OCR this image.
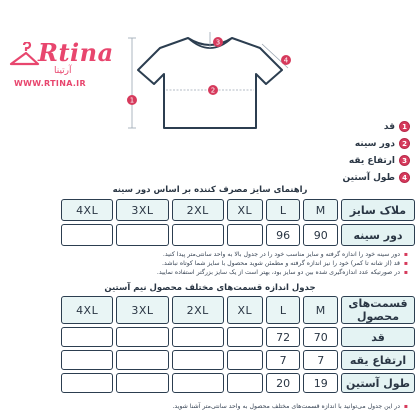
Rtina
آرتینا
WWW.RTINA.IR
1
2
3
4
1
قد
2
دور سینه
3
ارتفاع یقه
4
طول آستین
راهنمای سایز مصرف کننده بر اساس دور سینه
ملاک سایز	M	L	XL	2XL	3XL	4XL
دور سینه	90	96				
▪ دور سینه خود را اندازه گرفته و سایز مناسب خود را در جدول بالا به واحد سانتی‌متر پیدا کنید.
▪ قد (از شانه تا کمر) خود را نیز اندازه گرفته و مطمئن شوید محصول با سایز شما کوتاه نباشد.
▪ در صورتیکه عدد اندازه‌گیری شده بین دو سایز بود، بهتر است از یک سایز بزرگتر استفاده نمایید.
جدول اندازه قسمت‌های مختلف محصول نیم آستین
قسمت‌های محصول	M	L	XL	2XL	3XL	4XL
قد	70	72				
ارتفاع یقه	7	7				
طول آستین	19	20				
▪ در این جدول می‌توانید با اندازه قسمت‌های مختلف محصول به واحد سانتی‌متر آشنا شوید.
